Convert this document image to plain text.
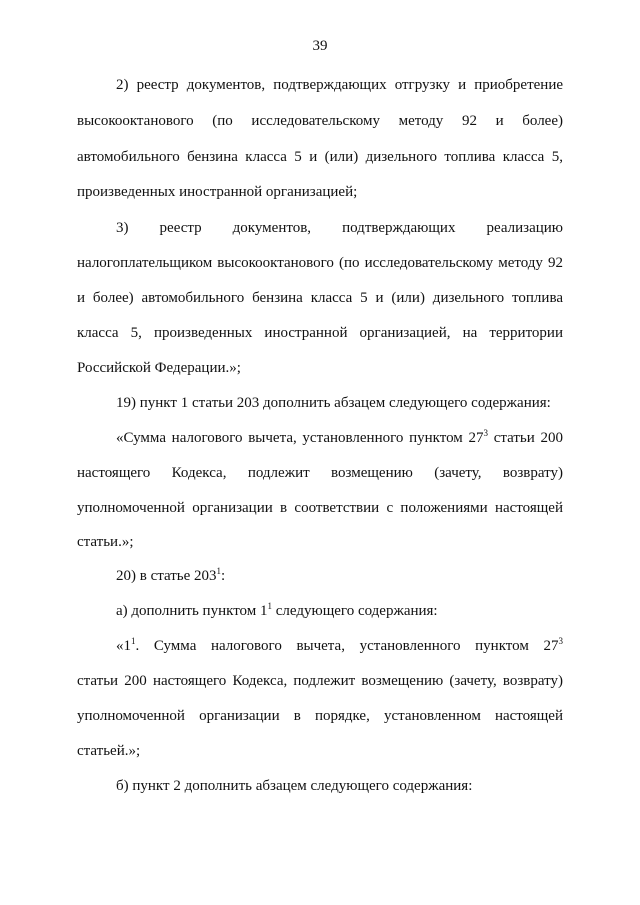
39
2) реестр документов, подтверждающих отгрузку и приобретение
высокооктанового (по исследовательскому методу 92 и более)
автомобильного бензина класса 5 и (или) дизельного топлива класса 5,
произведенных иностранной организацией;
3) реестр документов, подтверждающих реализацию
налогоплательщиком высокооктанового (по исследовательскому методу 92
и более) автомобильного бензина класса 5 и (или) дизельного топлива
класса 5, произведенных иностранной организацией, на территории
Российской Федерации.»;
19) пункт 1 статьи 203 дополнить абзацем следующего содержания:
«Сумма налогового вычета, установленного пунктом $27^3$ статьи 200
настоящего Кодекса, подлежит возмещению (зачету, возврату)
уполномоченной организации в соответствии с положениями настоящей
статьи.»;
20) в статье $203^1$:
а) дополнить пунктом $1^1$ следующего содержания:
«$1^1$. Сумма налогового вычета, установленного пунктом $27^3$
статьи 200 настоящего Кодекса, подлежит возмещению (зачету, возврату)
уполномоченной организации в порядке, установленном настоящей
статьей.»;
б) пункт 2 дополнить абзацем следующего содержания:
